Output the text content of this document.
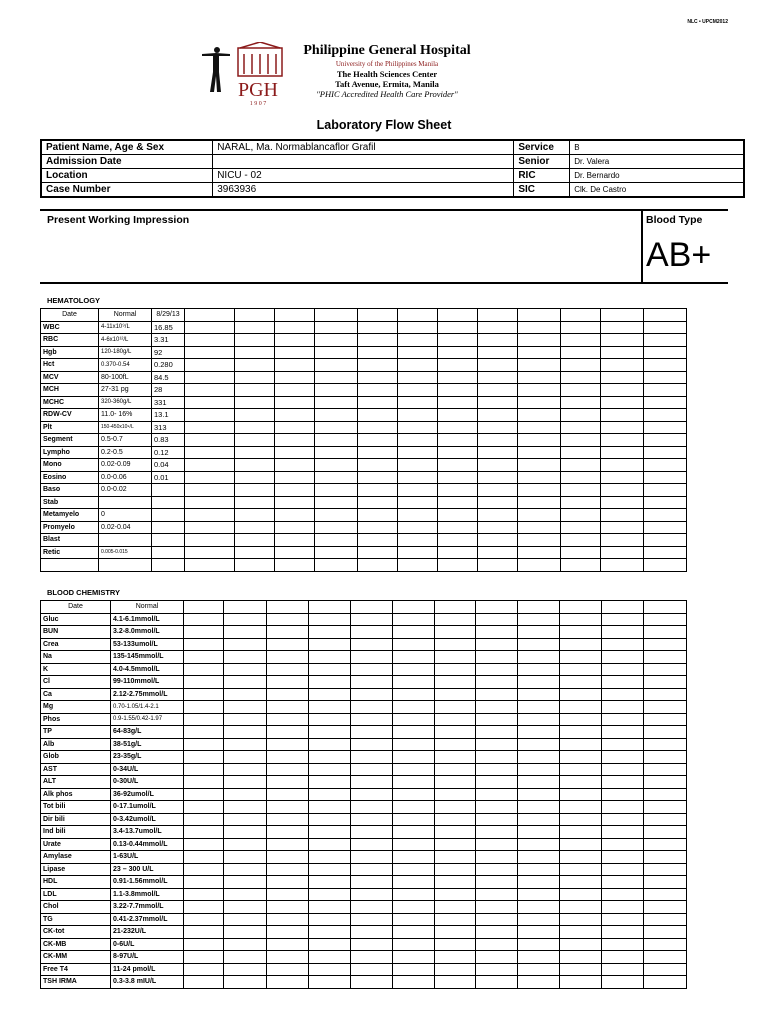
NLC • UPCM2012
PGH
1 9 0 7
Philippine General Hospital
University of the Philippines Manila
The Health Sciences Center
Taft Avenue, Ermita, Manila
"PHIC Accredited Health Care Provider"
Laboratory Flow Sheet
Patient Name, Age & Sex	NARAL, Ma. Normablancaflor Grafil	Service	B
Admission Date		Senior	Dr. Valera
Location	NICU - 02	RIC	Dr. Bernardo
Case Number	3963936	SIC	Clk. De Castro
Present Working Impression	Blood Type
AB+
HEMATOLOGY
Date	Normal	8/29/13												
WBC	4-11x10⁹/L	16.85												
RBC	4-6x10¹²/L	3.31												
Hgb	120-180g/L	92												
Hct	0.370-0.54	0.280												
MCV	80-100fL	84.5												
MCH	27-31 pg	28												
MCHC	320-360g/L	331												
RDW-CV	11.0- 16%	13.1												
Plt	150-450x10⁹/L	313												
Segment	0.5-0.7	0.83												
Lympho	0.2-0.5	0.12												
Mono	0.02-0.09	0.04												
Eosino	0.0-0.06	0.01												
Baso	0.0-0.02													
Stab														
Metamyelo	0													
Promyelo	0.02-0.04													
Blast														
Retic	0.005-0.015													

BLOOD CHEMISTRY
Date	Normal												
Gluc	4.1-6.1mmol/L												
BUN	3.2-8.0mmol/L												
Crea	53-133umol/L												
Na	135-145mmol/L												
K	4.0-4.5mmol/L												
Cl	99-110mmol/L												
Ca	2.12-2.75mmol/L												
Mg	0.70-1.05/1.4-2.1												
Phos	0.9-1.55/0.42-1.97												
TP	64-83g/L												
Alb	38-51g/L												
Glob	23-35g/L												
AST	0-34U/L												
ALT	0-30U/L												
Alk phos	36-92umol/L												
Tot bili	0-17.1umol/L												
Dir bili	0-3.42umol/L												
Ind bili	3.4-13.7umol/L												
Urate	0.13-0.44mmol/L												
Amylase	1-63U/L												
Lipase	23 – 300 U/L												
HDL	0.91-1.56mmol/L												
LDL	1.1-3.8mmol/L												
Chol	3.22-7.7mmol/L												
TG	0.41-2.37mmol/L												
CK-tot	21-232U/L												
CK-MB	0-6U/L												
CK-MM	8-97U/L												
Free T4	11-24 pmol/L												
TSH IRMA	0.3-3.8 mIU/L												
